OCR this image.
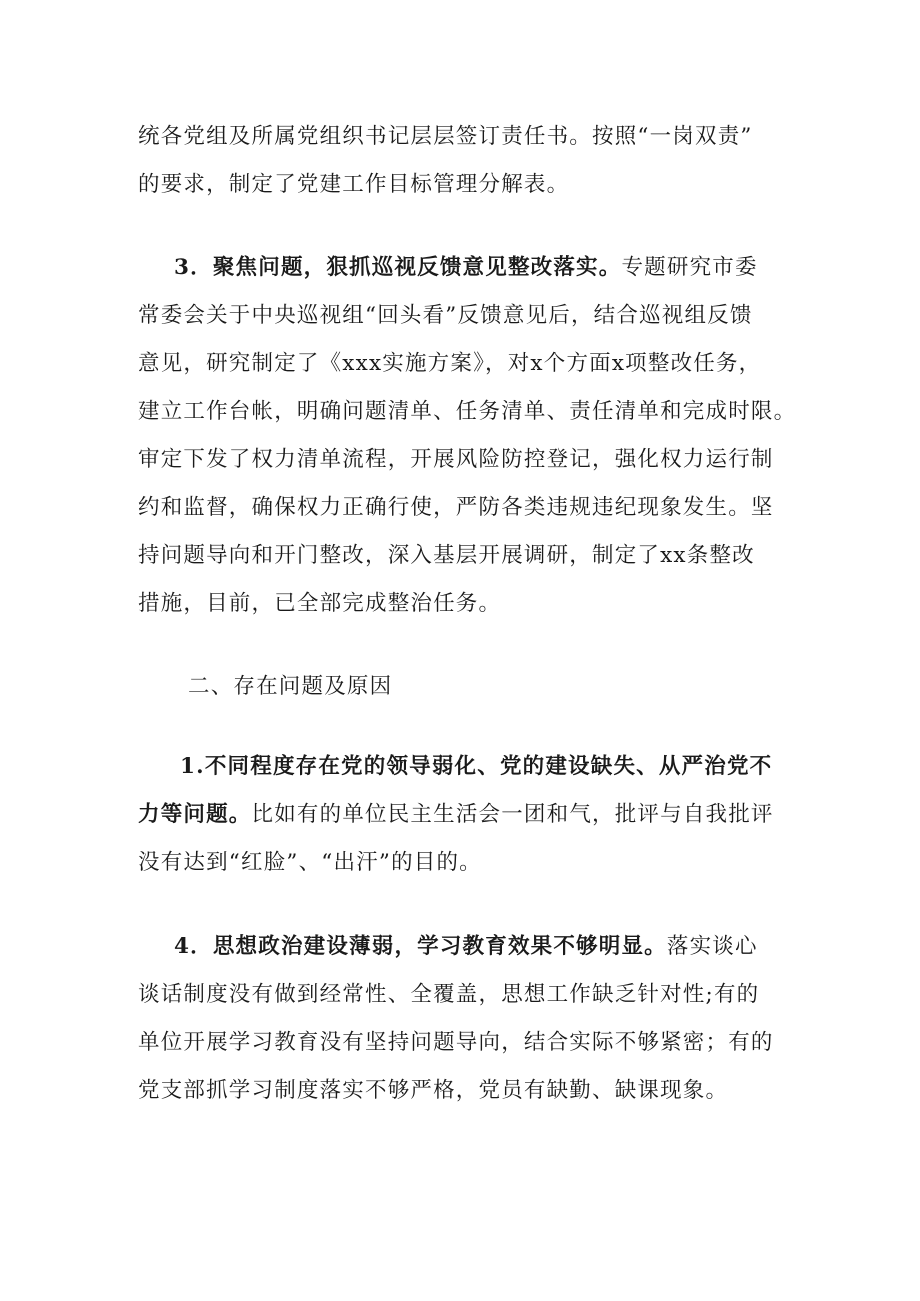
统各党组及所属党组织书记层层签订责任书。按照“一岗双责”
的要求，制定了党建工作目标管理分解表。
3．聚焦问题，狠抓巡视反馈意见整改落实。专题研究市委
常委会关于中央巡视组“回头看”反馈意见后，结合巡视组反馈
意见，研究制定了《xxx实施方案》，对x个方面x项整改任务，
建立工作台帐，明确问题清单、任务清单、责任清单和完成时限。
审定下发了权力清单流程，开展风险防控登记，强化权力运行制
约和监督，确保权力正确行使，严防各类违规违纪现象发生。坚
持问题导向和开门整改，深入基层开展调研，制定了xx条整改
措施，目前，已全部完成整治任务。
二、存在问题及原因
1.不同程度存在党的领导弱化、党的建设缺失、从严治党不
力等问题。比如有的单位民主生活会一团和气，批评与自我批评
没有达到“红脸”、“出汗”的目的。
4．思想政治建设薄弱，学习教育效果不够明显。落实谈心
谈话制度没有做到经常性、全覆盖，思想工作缺乏针对性;有的
单位开展学习教育没有坚持问题导向，结合实际不够紧密；有的
党支部抓学习制度落实不够严格，党员有缺勤、缺课现象。
